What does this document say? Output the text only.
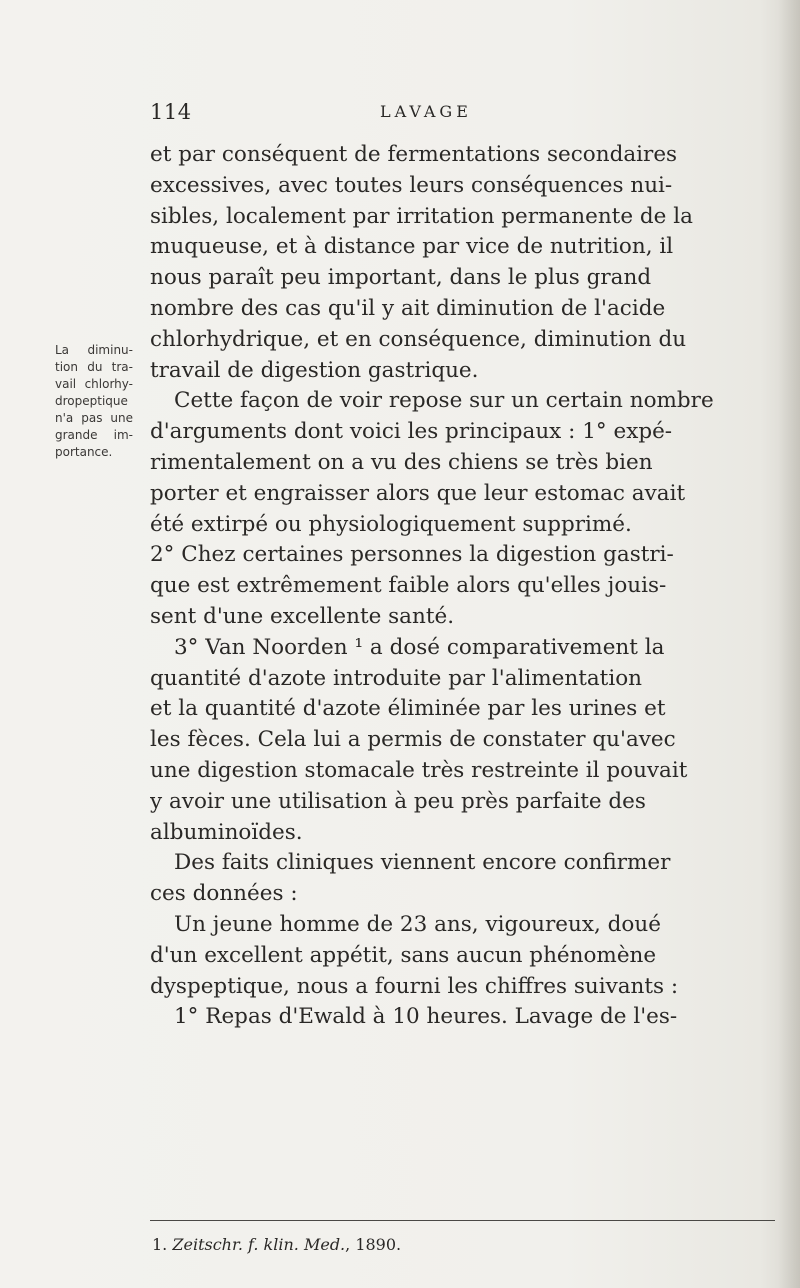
114	LAVAGE
La diminu-
tion du tra-
vail chlorhy-
dropeptique
n'a pas une
grande im-
portance.
et par conséquent de fermentations secondaires
excessives, avec toutes leurs conséquences nui-
sibles, localement par irritation permanente de la
muqueuse, et à distance par vice de nutrition, il
nous paraît peu important, dans le plus grand
nombre des cas qu'il y ait diminution de l'acide
chlorhydrique, et en conséquence, diminution du
travail de digestion gastrique.
Cette façon de voir repose sur un certain nombre
d'arguments dont voici les principaux : 1° expé-
rimentalement on a vu des chiens se très bien
porter et engraisser alors que leur estomac avait
été extirpé ou physiologiquement supprimé.
2° Chez certaines personnes la digestion gastri-
que est extrêmement faible alors qu'elles jouis-
sent d'une excellente santé.
3° Van Noorden ¹ a dosé comparativement la
quantité d'azote introduite par l'alimentation
et la quantité d'azote éliminée par les urines et
les fèces. Cela lui a permis de constater qu'avec
une digestion stomacale très restreinte il pouvait
y avoir une utilisation à peu près parfaite des
albuminoïdes.
Des faits cliniques viennent encore confirmer
ces données :
Un jeune homme de 23 ans, vigoureux, doué
d'un excellent appétit, sans aucun phénomène
dyspeptique, nous a fourni les chiffres suivants :
1° Repas d'Ewald à 10 heures. Lavage de l'es-
1. Zeitschr. f. klin. Med., 1890.
